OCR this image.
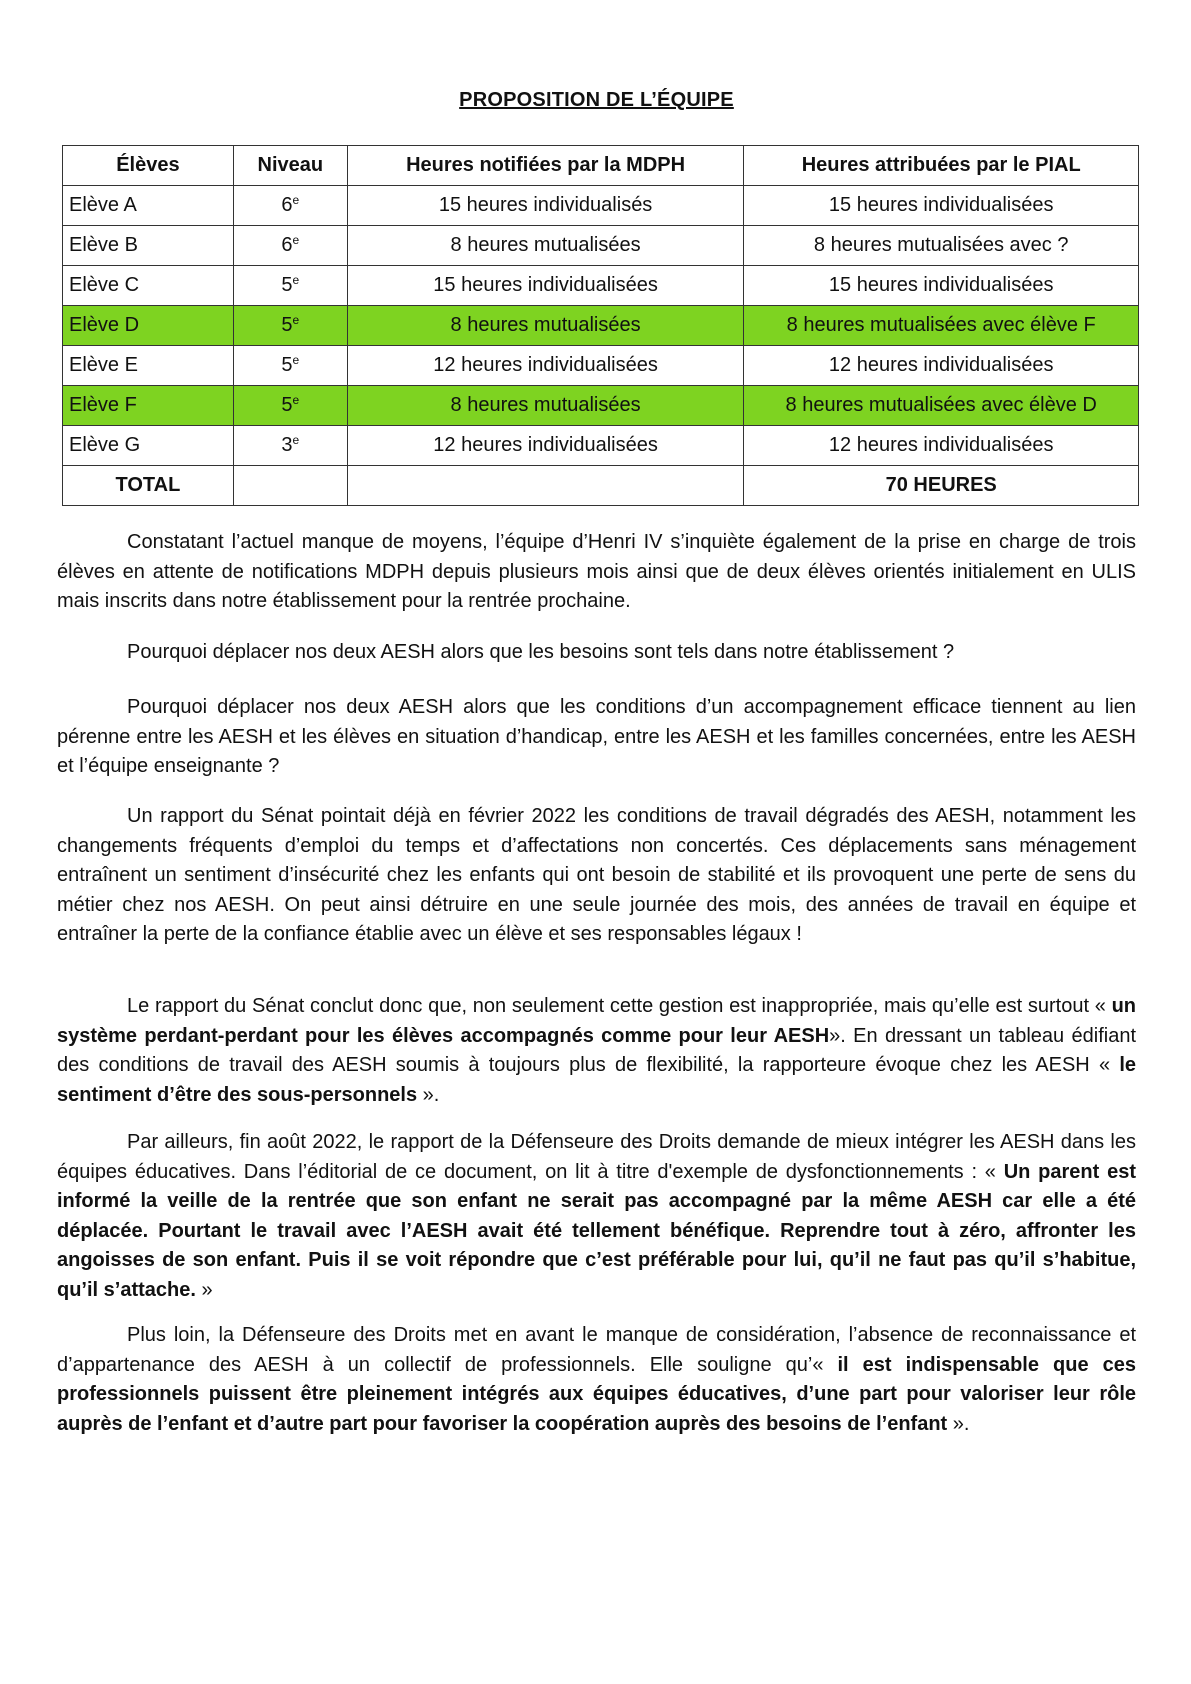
PROPOSITION DE L’ÉQUIPE
Élèves	Niveau	Heures notifiées par la MDPH	Heures attribuées par le PIAL
Elève A	6e	15 heures individualisés	15 heures individualisées
Elève B	6e	8 heures mutualisées	8 heures mutualisées avec ?
Elève C	5e	15 heures individualisées	15 heures individualisées
Elève D	5e	8 heures mutualisées	8 heures mutualisées avec élève F
Elève E	5e	12 heures individualisées	12 heures individualisées
Elève F	5e	8 heures mutualisées	8 heures mutualisées avec élève D
Elève G	3e	12 heures individualisées	12 heures individualisées
TOTAL			70 HEURES

Constatant l’actuel manque de moyens, l’équipe d’Henri IV s’inquiète également de la prise en charge de trois élèves en attente de notifications MDPH depuis plusieurs mois ainsi que de deux élèves orientés initialement en ULIS mais inscrits dans notre établissement pour la rentrée prochaine.

Pourquoi déplacer nos deux AESH alors que les besoins sont tels dans notre établissement ?

Pourquoi déplacer nos deux AESH alors que les conditions d’un accompagnement efficace tiennent au lien pérenne entre les AESH et les élèves en situation d’handicap, entre les AESH et les familles concernées, entre les AESH et l’équipe enseignante ?

Un rapport du Sénat pointait déjà en février 2022 les conditions de travail dégradés des AESH, notamment les changements fréquents d’emploi du temps et d’affectations non concertés. Ces déplacements sans ménagement entraînent un sentiment d’insécurité chez les enfants qui ont besoin de stabilité et ils provoquent une perte de sens du métier chez nos AESH. On peut ainsi détruire en une seule journée des mois, des années de travail en équipe et entraîner la perte de la confiance établie avec un élève et ses responsables légaux !

Le rapport du Sénat conclut donc que, non seulement cette gestion est inappropriée, mais qu’elle est surtout « un système perdant-perdant pour les élèves accompagnés comme pour leur AESH». En dressant un tableau édifiant des conditions de travail des AESH soumis à toujours plus de flexibilité, la rapporteure évoque chez les AESH « le sentiment d’être des sous-personnels ».

Par ailleurs, fin août 2022, le rapport de la Défenseure des Droits demande de mieux intégrer les AESH dans les équipes éducatives. Dans l’éditorial de ce document, on lit à titre d'exemple de dysfonctionnements : « Un parent est informé la veille de la rentrée que son enfant ne serait pas accompagné par la même AESH car elle a été déplacée. Pourtant le travail avec l’AESH avait été tellement bénéfique. Reprendre tout à zéro, affronter les angoisses de son enfant. Puis il se voit répondre que c’est préférable pour lui, qu’il ne faut pas qu’il s’habitue, qu’il s’attache. »

Plus loin, la Défenseure des Droits met en avant le manque de considération, l’absence de reconnaissance et d’appartenance des AESH à un collectif de professionnels. Elle souligne qu’« il est indispensable que ces professionnels puissent être pleinement intégrés aux équipes éducatives, d’une part pour valoriser leur rôle auprès de l’enfant et d’autre part pour favoriser la coopération auprès des besoins de l’enfant ».
